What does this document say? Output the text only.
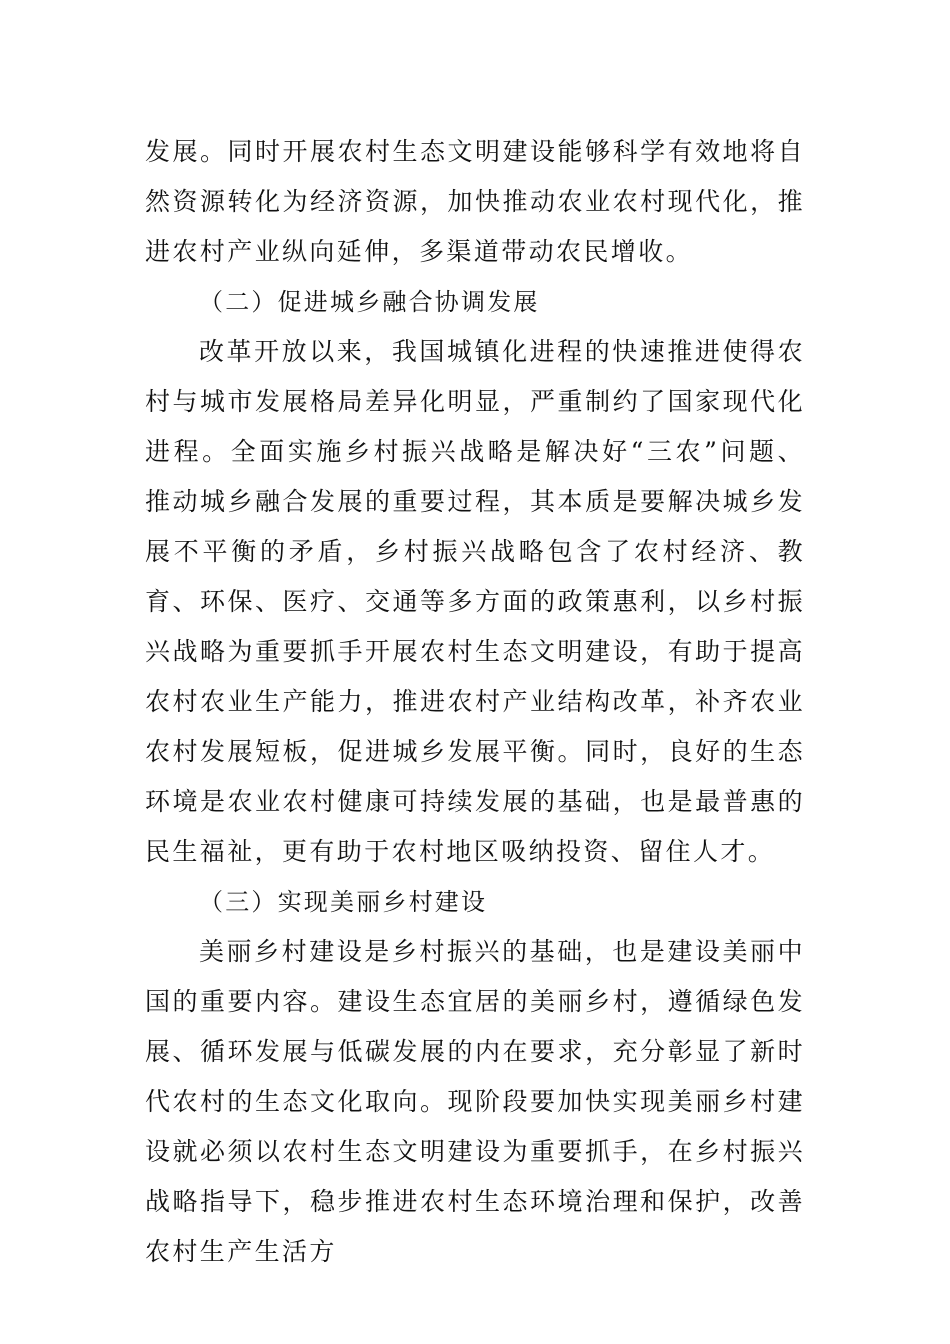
发展。同时开展农村生态文明建设能够科学有效地将自然资源转化为经济资源，加快推动农业农村现代化，推进农村产业纵向延伸，多渠道带动农民增收。

（二）促进城乡融合协调发展

改革开放以来，我国城镇化进程的快速推进使得农村与城市发展格局差异化明显，严重制约了国家现代化进程。全面实施乡村振兴战略是解决好“三农”问题、推动城乡融合发展的重要过程，其本质是要解决城乡发展不平衡的矛盾，乡村振兴战略包含了农村经济、教育、环保、医疗、交通等多方面的政策惠利，以乡村振兴战略为重要抓手开展农村生态文明建设，有助于提高农村农业生产能力，推进农村产业结构改革，补齐农业农村发展短板，促进城乡发展平衡。同时，良好的生态环境是农业农村健康可持续发展的基础，也是最普惠的民生福祉，更有助于农村地区吸纳投资、留住人才。

（三）实现美丽乡村建设

美丽乡村建设是乡村振兴的基础，也是建设美丽中国的重要内容。建设生态宜居的美丽乡村，遵循绿色发展、循环发展与低碳发展的内在要求，充分彰显了新时代农村的生态文化取向。现阶段要加快实现美丽乡村建设就必须以农村生态文明建设为重要抓手，在乡村振兴战略指导下，稳步推进农村生态环境治理和保护，改善农村生产生活方
